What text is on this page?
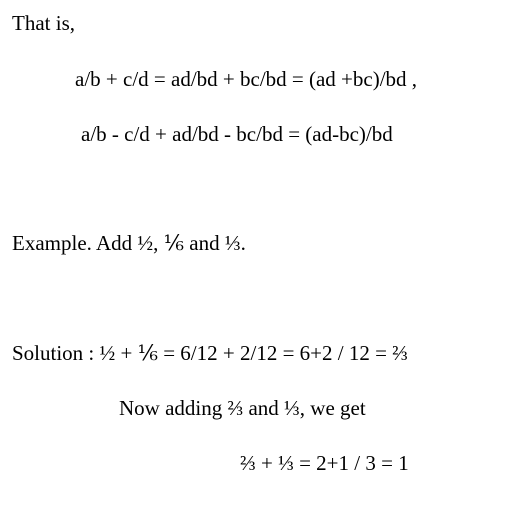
That is,
a/b + c/d = ad/bd + bc/bd = (ad +bc)/bd ,
a/b - c/d + ad/bd - bc/bd = (ad-bc)/bd
Example. Add ½, ⅙ and ⅓.
Solution : ½ + ⅙ = 6/12 + 2/12 = 6+2 / 12 = ⅔
Now adding ⅔ and ⅓, we get
⅔ + ⅓ = 2+1 / 3 = 1
